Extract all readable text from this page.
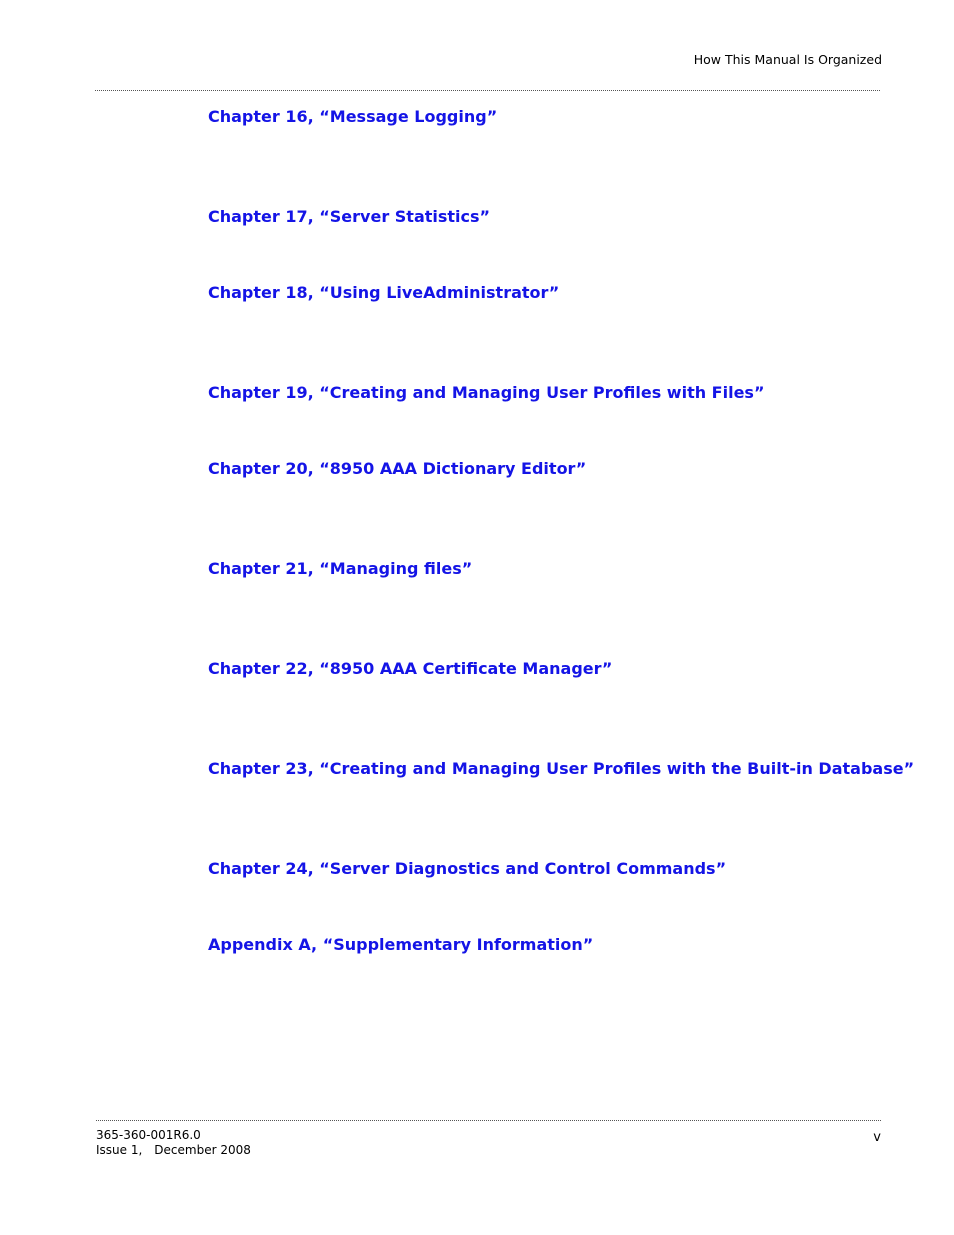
How This Manual Is Organized
Chapter 16, “Message Logging”
Chapter 17, “Server Statistics”
Chapter 18, “Using LiveAdministrator”
Chapter 19, “Creating and Managing User Profiles with Files”
Chapter 20, “8950 AAA Dictionary Editor”
Chapter 21, “Managing files”
Chapter 22, “8950 AAA Certificate Manager”
Chapter 23, “Creating and Managing User Profiles with the Built-in Database”
Chapter 24, “Server Diagnostics and Control Commands”
Appendix A, “Supplementary Information”
365-360-001R6.0
Issue 1, December 2008
v
